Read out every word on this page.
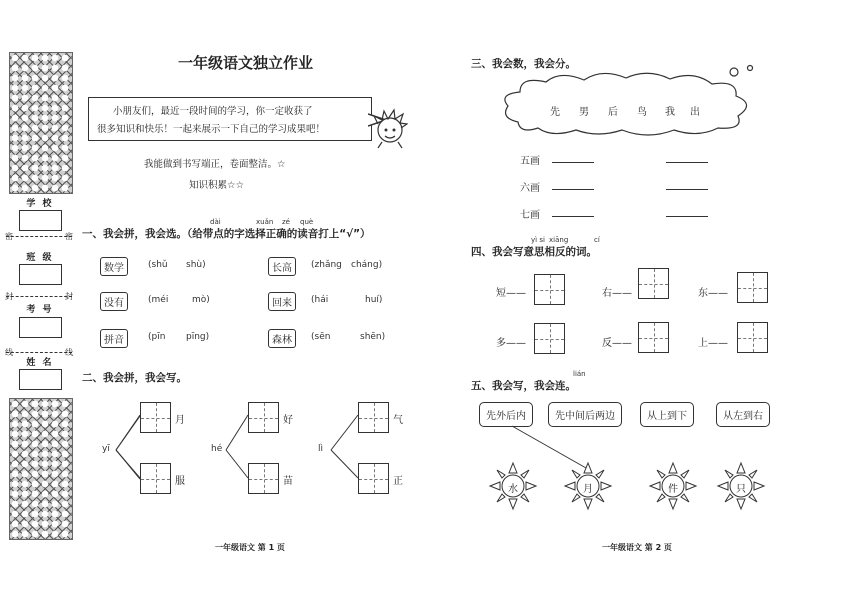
密	密
封	封
线	线
学 校
班 级
考 号
姓 名
一年级语文独立作业
小朋友们，最近一段时间的学习，你一定收获了
很多知识和快乐！一起来展示一下自己的学习成果吧！
我能做到书写端正，卷面整洁。☆
知识积累☆☆
dài	xuǎn zé què
一、我会拼，我会选。（给带点的字选择正确的读音打上“√”）
数学	(shǔ shù)	长高	(zhǎng cháng)
没有	(méi	mò)	回来	(hái	huí)
拼音	(pīn pīng)	森林	(sēn	shēn)
二、我会拼，我会写。
yī
月
服
hé
好
苗
lì
气
正
一年级语文 第 1 页
三、我会数，我会分。
先 男 后 鸟 我 出
五画
六画
七画
yì si xiāng	cí
四、我会写意思相反的词。
短——	右——	东——
多——	反——	上——
lián
五、我会写，我会连。
先外后内	先中间后两边	从上到下	从左到右
水	月	件	只
一年级语文 第 2 页
